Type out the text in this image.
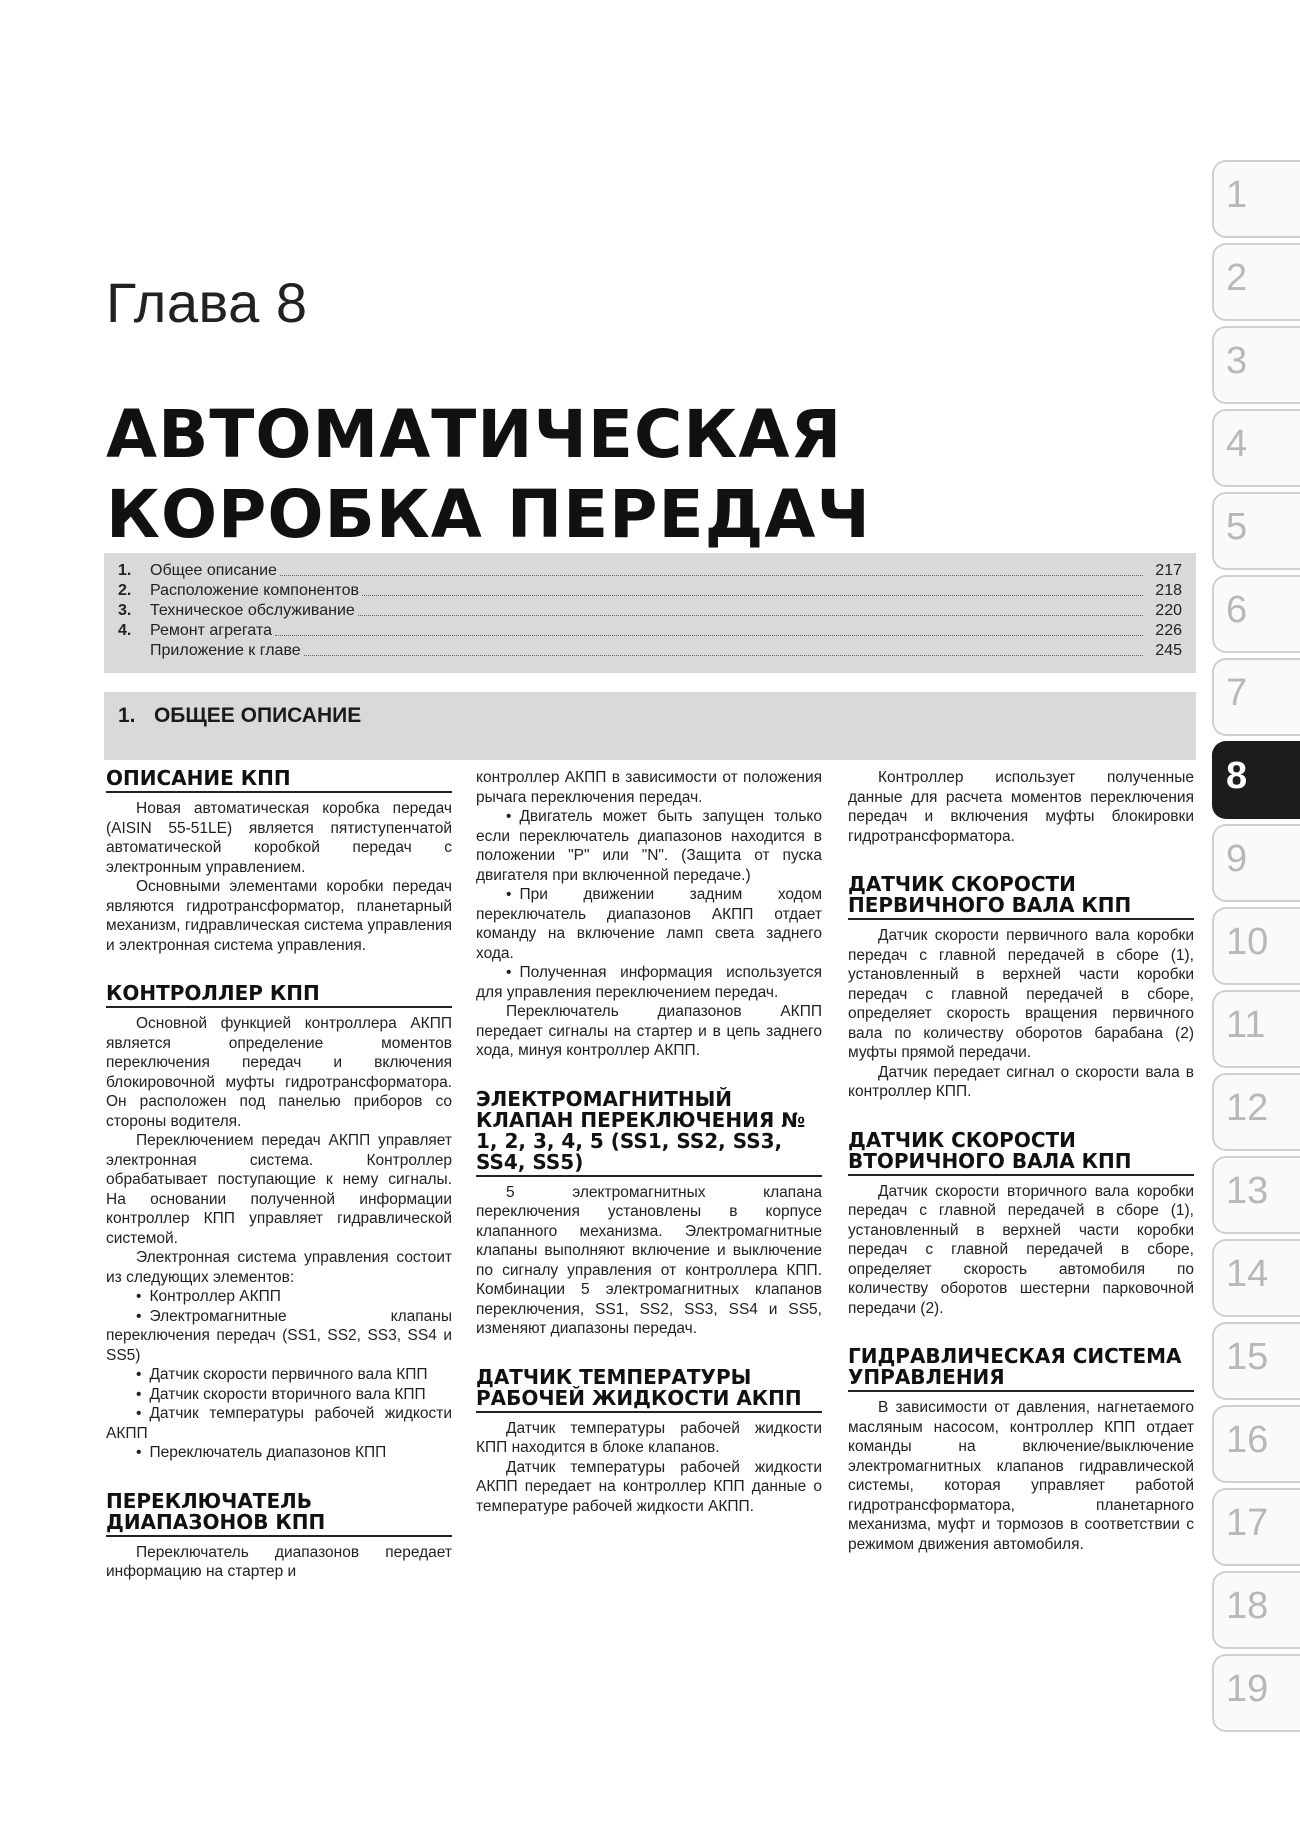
Глава 8
АВТОМАТИЧЕСКАЯ
КОРОБКА ПЕРЕДАЧ
1.	Общее описание	217
2.	Расположение компонентов	218
3.	Техническое обслуживание	220
4.	Ремонт агрегата	226
Приложение к главе	245
1. ОБЩЕЕ ОПИСАНИЕ
ОПИСАНИЕ КПП

Новая автоматическая коробка передач (AISIN 55-51LE) является пятиступенчатой автоматической коробкой передач с электронным управлением.

Основными элементами коробки передач являются гидротрансформатор, планетарный механизм, гидравлическая система управления и электронная система управления.

КОНТРОЛЛЕР КПП

Основной функцией контроллера АКПП является определение моментов переключения передач и включения блокировочной муфты гидротрансформатора. Он расположен под панелью приборов со стороны водителя.

Переключением передач АКПП управляет электронная система. Контроллер обрабатывает поступающие к нему сигналы. На основании полученной информации контроллер КПП управляет гидравлической системой.

Электронная система управления состоит из следующих элементов:

• Контроллер АКПП
• Электромагнитные клапаны переключения передач (SS1, SS2, SS3, SS4 и SS5)
• Датчик скорости первичного вала КПП
• Датчик скорости вторичного вала КПП
• Датчик температуры рабочей жидкости АКПП
• Переключатель диапазонов КПП
ПЕРЕКЛЮЧАТЕЛЬ ДИАПАЗОНОВ КПП

Переключатель диапазонов передает информацию на стартер и

контроллер АКПП в зависимости от положения рычага переключения передач.

• Двигатель может быть запущен только если переключатель диапазонов находится в положении "P" или "N". (Защита от пуска двигателя при включенной передаче.)
• При движении задним ходом переключатель диапазонов АКПП отдает команду на включение ламп света заднего хода.
• Полученная информация используется для управления переключением передач.

Переключатель диапазонов АКПП передает сигналы на стартер и в цепь заднего хода, минуя контроллер АКПП.

ЭЛЕКТРОМАГНИТНЫЙ КЛАПАН ПЕРЕКЛЮЧЕНИЯ № 1, 2, 3, 4, 5 (SS1, SS2, SS3, SS4, SS5)

5 электромагнитных клапана переключения установлены в корпусе клапанного механизма. Электромагнитные клапаны выполняют включение и выключение по сигналу управления от контроллера КПП. Комбинации 5 электромагнитных клапанов переключения, SS1, SS2, SS3, SS4 и SS5, изменяют диапазоны передач.

ДАТЧИК ТЕМПЕРАТУРЫ РАБОЧЕЙ ЖИДКОСТИ АКПП

Датчик температуры рабочей жидкости КПП находится в блоке клапанов.

Датчик температуры рабочей жидкости АКПП передает на контроллер КПП данные о температуре рабочей жидкости АКПП.

Контроллер использует полученные данные для расчета моментов переключения передач и включения муфты блокировки гидротрансформатора.

ДАТЧИК СКОРОСТИ ПЕРВИЧНОГО ВАЛА КПП

Датчик скорости первичного вала коробки передач с главной передачей в сборе (1), установленный в верхней части коробки передач с главной передачей в сборе, определяет скорость вращения первичного вала по количеству оборотов барабана (2) муфты прямой передачи.

Датчик передает сигнал о скорости вала в контроллер КПП.

ДАТЧИК СКОРОСТИ ВТОРИЧНОГО ВАЛА КПП

Датчик скорости вторичного вала коробки передач с главной передачей в сборе (1), установленный в верхней части коробки передач с главной передачей в сборе, определяет скорость автомобиля по количеству оборотов шестерни парковочной передачи (2).

ГИДРАВЛИЧЕСКАЯ СИСТЕМА УПРАВЛЕНИЯ

В зависимости от давления, нагнетаемого масляным насосом, контроллер КПП отдает команды на включение/выключение электромагнитных клапанов гидравлической системы, которая управляет работой гидротрансформатора, планетарного механизма, муфт и тормозов в соответствии с режимом движения автомобиля.

1
2
3
4
5
6
7
8
9
10
11
12
13
14
15
16
17
18
19
